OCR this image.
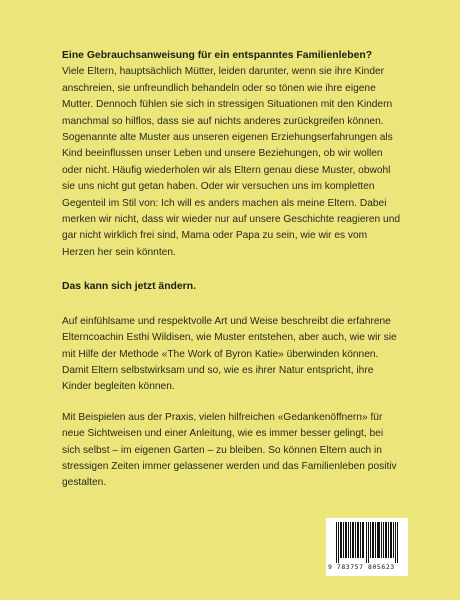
Eine Gebrauchsanweisung für ein entspanntes Familienleben?

Viele Eltern, hauptsächlich Mütter, leiden darunter, wenn sie ihre Kinder anschreien, sie unfreundlich behandeln oder so tönen wie ihre eigene Mutter. Dennoch fühlen sie sich in stressigen Situationen mit den Kindern manchmal so hilflos, dass sie auf nichts anderes zurückgreifen können. Sogenannte alte Muster aus unseren eigenen Erziehungserfahrungen als Kind beeinflussen unser Leben und unsere Beziehungen, ob wir wollen oder nicht. Häufig wiederholen wir als Eltern genau diese Muster, obwohl sie uns nicht gut getan haben. Oder wir versuchen uns im kompletten Gegenteil im Stil von: Ich will es anders machen als meine Eltern. Dabei merken wir nicht, dass wir wieder nur auf unsere Geschichte reagieren und gar nicht wirklich frei sind, Mama oder Papa zu sein, wie wir es vom Herzen her sein könnten.

Das kann sich jetzt ändern.

Auf einfühlsame und respektvolle Art und Weise beschreibt die erfahrene Elterncoachin Esthi Wildisen, wie Muster entstehen, aber auch, wie wir sie mit Hilfe der Methode «The Work of Byron Katie» überwinden können. Damit Eltern selbstwirksam und so, wie es ihrer Natur entspricht, ihre Kinder begleiten können.

Mit Beispielen aus der Praxis, vielen hilfreichen «Gedankenöffnern» für neue Sichtweisen und einer Anleitung, wie es immer besser gelingt, bei sich selbst – im eigenen Garten – zu bleiben. So können Eltern auch in stressigen Zeiten immer gelassener werden und das Familienleben positiv gestalten.

9 783757 805623
